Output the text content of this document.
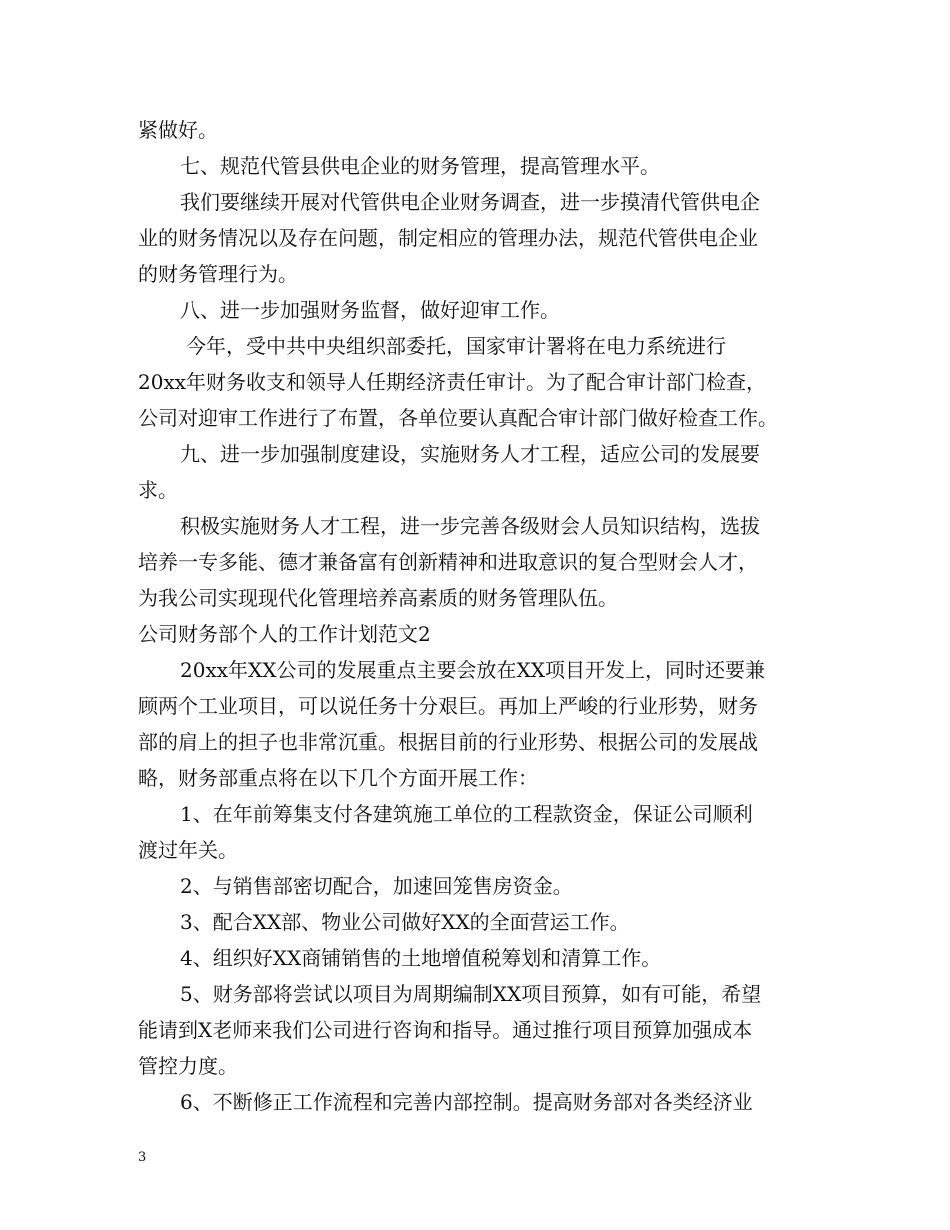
紧做好。
七、规范代管县供电企业的财务管理，提高管理水平。
我们要继续开展对代管供电企业财务调查，进一步摸清代管供电企
业的财务情况以及存在问题，制定相应的管理办法，规范代管供电企业
的财务管理行为。
八、进一步加强财务监督，做好迎审工作。
今年，受中共中央组织部委托，国家审计署将在电力系统进行
20xx年财务收支和领导人任期经济责任审计。为了配合审计部门检查，
公司对迎审工作进行了布置，各单位要认真配合审计部门做好检查工作。
九、进一步加强制度建设，实施财务人才工程，适应公司的发展要
求。
积极实施财务人才工程，进一步完善各级财会人员知识结构，选拔
培养一专多能、德才兼备富有创新精神和进取意识的复合型财会人才，
为我公司实现现代化管理培养高素质的财务管理队伍。
公司财务部个人的工作计划范文2
20xx年XX公司的发展重点主要会放在XX项目开发上，同时还要兼
顾两个工业项目，可以说任务十分艰巨。再加上严峻的行业形势，财务
部的肩上的担子也非常沉重。根据目前的行业形势、根据公司的发展战
略，财务部重点将在以下几个方面开展工作：
1、在年前筹集支付各建筑施工单位的工程款资金，保证公司顺利
渡过年关。
2、与销售部密切配合，加速回笼售房资金。
3、配合XX部、物业公司做好XX的全面营运工作。
4、组织好XX商铺销售的土地增值税筹划和清算工作。
5、财务部将尝试以项目为周期编制XX项目预算，如有可能，希望
能请到X老师来我们公司进行咨询和指导。通过推行项目预算加强成本
管控力度。
6、不断修正工作流程和完善内部控制。提高财务部对各类经济业
3
